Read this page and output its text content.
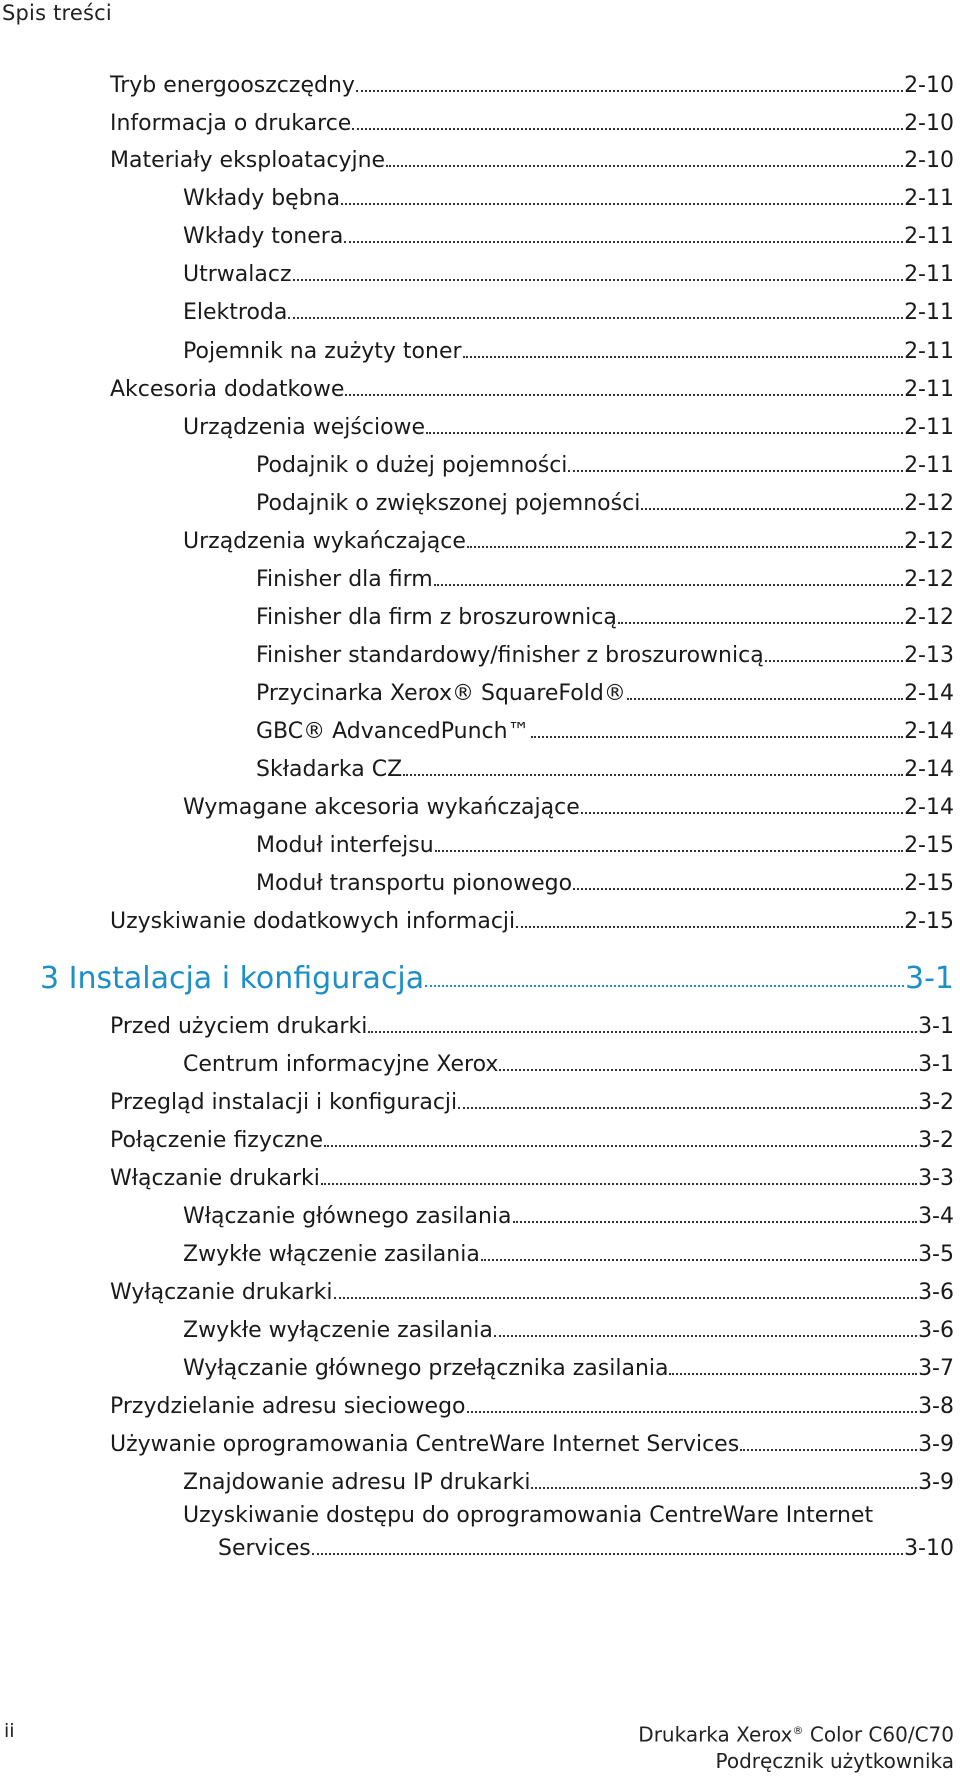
Spis treści
Tryb energooszczędny	2-10
Informacja o drukarce	2-10
Materiały eksploatacyjne	2-10
Wkłady bębna	2-11
Wkłady tonera	2-11
Utrwalacz	2-11
Elektroda	2-11
Pojemnik na zużyty toner	2-11
Akcesoria dodatkowe	2-11
Urządzenia wejściowe	2-11
Podajnik o dużej pojemności	2-11
Podajnik o zwiększonej pojemności	2-12
Urządzenia wykańczające	2-12
Finisher dla firm	2-12
Finisher dla firm z broszurownicą	2-12
Finisher standardowy/finisher z broszurownicą	2-13
Przycinarka Xerox® SquareFold®	2-14
GBC® AdvancedPunch™	2-14
Składarka CZ	2-14
Wymagane akcesoria wykańczające	2-14
Moduł interfejsu	2-15
Moduł transportu pionowego	2-15
Uzyskiwanie dodatkowych informacji	2-15
3 Instalacja i konfiguracja	3-1
Przed użyciem drukarki	3-1
Centrum informacyjne Xerox	3-1
Przegląd instalacji i konfiguracji	3-2
Połączenie fizyczne	3-2
Włączanie drukarki	3-3
Włączanie głównego zasilania	3-4
Zwykłe włączenie zasilania	3-5
Wyłączanie drukarki	3-6
Zwykłe wyłączenie zasilania	3-6
Wyłączanie głównego przełącznika zasilania	3-7
Przydzielanie adresu sieciowego	3-8
Używanie oprogramowania CentreWare Internet Services	3-9
Znajdowanie adresu IP drukarki	3-9
Uzyskiwanie dostępu do oprogramowania CentreWare Internet
Services	3-10
ii	Drukarka Xerox® Color C60/C70
Podręcznik użytkownika
